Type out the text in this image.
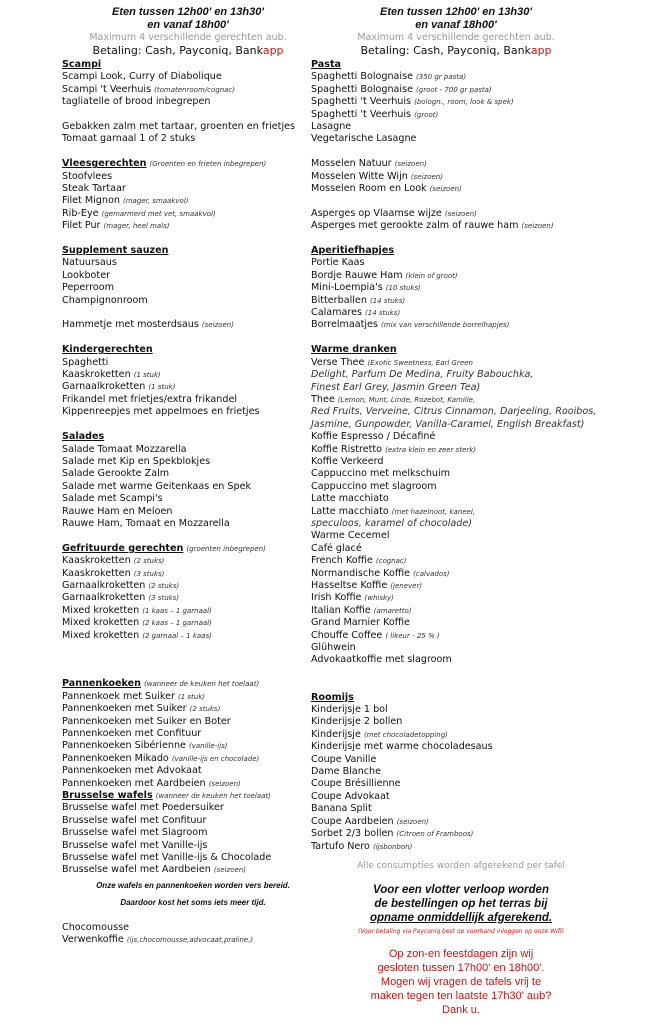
Eten tussen 12h00' en 13h30'
en vanaf 18h00'
Maximum 4 verschillende gerechten aub.
Betaling: Cash, Payconiq, Bankapp
Scampi
Scampi Look, Curry of Diabolique
Scampi 't Veerhuis (tomatenroom/cognac)
tagliatelle of brood inbegrepen
Gebakken zalm met tartaar, groenten en frietjes
Tomaat garnaal 1 of 2 stuks
Vleesgerechten (Groenten en frieten inbegrepen)
Stoofvlees
Steak Tartaar
Filet Mignon (mager, smaakvol)
Rib-Eye (gemarmerd met vet, smaakvol)
Filet Pur (mager, heel mals)
Supplement sauzen
Natuursaus
Lookboter
Peperroom
Champignonroom
Hammetje met mosterdsaus (seizoen)
Kindergerechten
Spaghetti
Kaaskroketten (1 stuk)
Garnaalkroketten (1 stuk)
Frikandel met frietjes/extra frikandel
Kippenreepjes met appelmoes en frietjes
Salades
Salade Tomaat Mozzarella
Salade met Kip en Spekblokjes
Salade Gerookte Zalm
Salade met warme Geitenkaas en Spek
Salade met Scampi's
Rauwe Ham en Meloen
Rauwe Ham, Tomaat en Mozzarella
Gefrituurde gerechten (groenten inbegrepen)
Kaaskroketten (2 stuks)
Kaaskroketten (3 stuks)
Garnaalkroketten (2 stuks)
Garnaalkroketten (3 stuks)
Mixed kroketten (1 kaas – 1 garnaal)
Mixed kroketten (2 kaas – 1 garnaal)
Mixed kroketten (2 garnaal – 1 kaas)
Pannenkoeken (wanneer de keuken het toelaat)
Pannenkoek met Suiker (1 stuk)
Pannenkoeken met Suiker (2 stuks)
Pannenkoeken met Suiker en Boter
Pannenkoeken met Confituur
Pannenkoeken Sibérienne (vanille-ijs)
Pannenkoeken Mikado (vanille-ijs en chocolade)
Pannenkoeken met Advokaat
Pannenkoeken met Aardbeien (seizoen)
Brusselse wafels (wanneer de keuken het toelaat)
Brusselse wafel met Poedersuiker
Brusselse wafel met Confituur
Brusselse wafel met Slagroom
Brusselse wafel met Vanille-ijs
Brusselse wafel met Vanille-ijs & Chocolade
Brusselse wafel met Aardbeien (seizoen)
Onze wafels en pannenkoeken worden vers bereid.
Daardoor kost het soms iets meer tijd.
Chocomousse
Verwenkoffie (ijs,chocomousse,advocaat,praline.)
Eten tussen 12h00' en 13h30'
en vanaf 18h00'
Maximum 4 verschillende gerechten aub.
Betaling: Cash, Payconiq, Bankapp
Pasta
Spaghetti Bolognaise (350 gr pasta)
Spaghetti Bolognaise (groot - 700 gr pasta)
Spaghetti 't Veerhuis (bologn., room, look & spek)
Spaghetti 't Veerhuis (groot)
Lasagne
Vegetarische Lasagne
Mosselen Natuur (seizoen)
Mosselen Witte Wijn (seizoen)
Mosselen Room en Look (seizoen)
Asperges op Vlaamse wijze (seizoen)
Asperges met gerookte zalm of rauwe ham (seizoen)
Aperitiefhapjes
Portie Kaas
Bordje Rauwe Ham (klein of groot)
Mini-Loempia's (10 stuks)
Bitterballen (14 stuks)
Calamares (14 stuks)
Borrelmaatjes (mix van verschillende borrelhapjes)
Warme dranken
Verse Thee (Exotic Sweetness, Earl Green
Delight, Parfum De Medina, Fruity Babouchka,
Finest Earl Grey, Jasmin Green Tea)
Thee (Lemon, Munt, Linde, Rozebot, Kamille,
Red Fruits, Verveine, Citrus Cinnamon, Darjeeling, Rooibos,
Jasmine, Gunpowder, Vanilla-Caramel, English Breakfast)
Koffie Espresso / Décafiné
Koffie Ristretto (extra klein en zeer sterk)
Koffie Verkeerd
Cappuccino met melkschuim
Cappuccino met slagroom
Latte macchiato
Latte macchiato (met hazelnoot, kaneel,
speculoos, karamel of chocolade)
Warme Cecemel
Café glacé
French Koffie (cognac)
Normandische Koffie (calvados)
Hasseltse Koffie (jenever)
Irish Koffie (whisky)
Italian Koffie (amaretto)
Grand Marnier Koffie
Chouffe Coffee ( likeur - 25 % )
Glühwein
Advokaatkoffie met slagroom
Roomijs
Kinderijsje 1 bol
Kinderijsje 2 bollen
Kinderijsje (met chocoladetopping)
Kinderijsje met warme chocoladesaus
Coupe Vanille
Dame Blanche
Coupe Brésillienne
Coupe Advokaat
Banana Split
Coupe Aardbeien (seizoen)
Sorbet 2/3 bollen (Citroen of Framboos)
Tartufo Nero (ijsbonbon)
Alle consumpties worden afgerekend per tafel
Voor een vlotter verloop worden
de bestellingen op het terras bij
opname onmiddellijk afgerekend.
(Voor betaling via Payconiq best op voorhand inloggen op onze Wifi)
Op zon-en feestdagen zijn wij
gesloten tussen 17h00' en 18h00'.
Mogen wij vragen de tafels vrij te
maken tegen ten laatste 17h30' aub?
Dank u.
